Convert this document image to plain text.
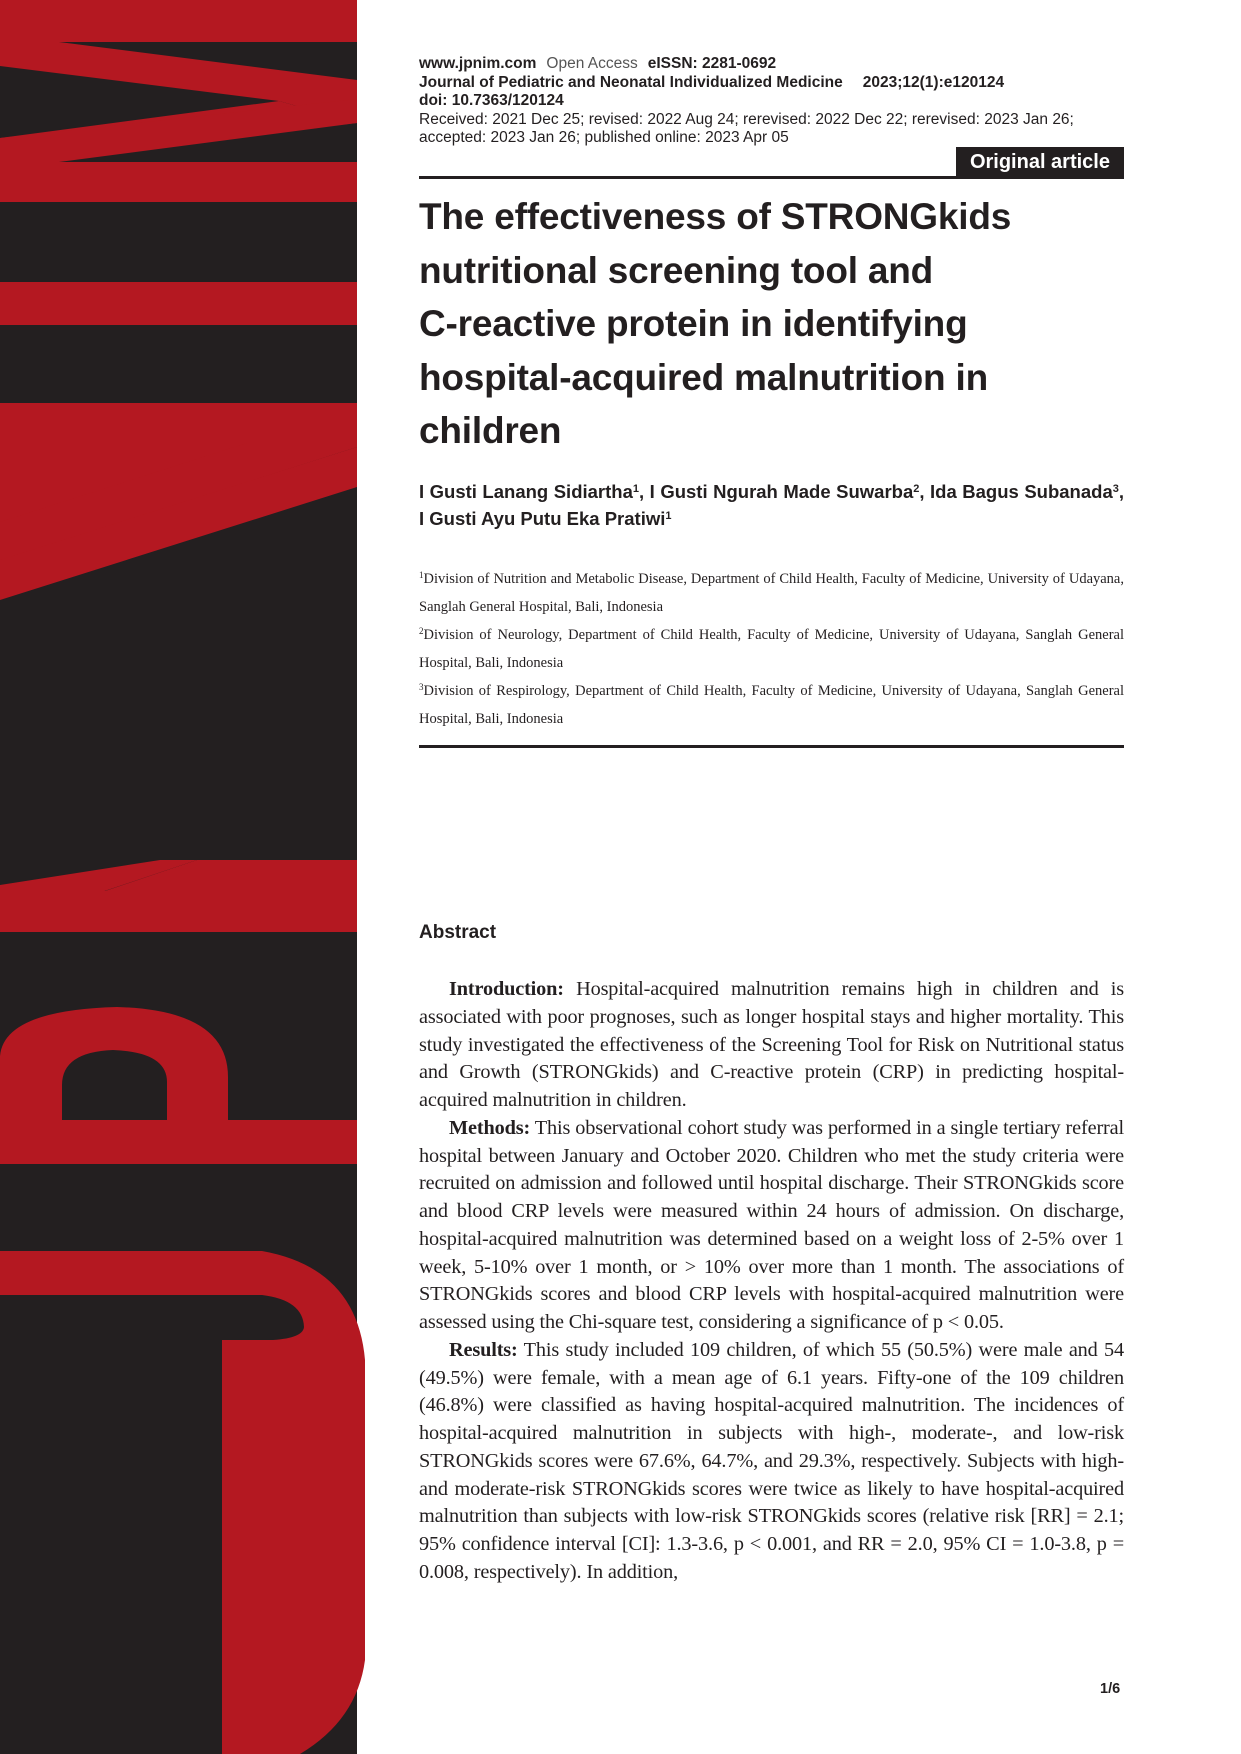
www.jpnim.com Open Access eISSN: 2281-0692
Journal of Pediatric and Neonatal Individualized Medicine 2023;12(1):e120124
doi: 10.7363/120124
Received: 2021 Dec 25; revised: 2022 Aug 24; rerevised: 2022 Dec 22; rerevised: 2023 Jan 26;
accepted: 2023 Jan 26; published online: 2023 Apr 05
Original article
The effectiveness of STRONGkids
nutritional screening tool and
C-reactive protein in identifying
hospital-acquired malnutrition in
children

I Gusti Lanang Sidiartha$^1$, I Gusti Ngurah Made Suwarba$^2$, Ida Bagus Subanada$^3$, I Gusti Ayu Putu Eka Pratiwi$^1$

$^1$Division of Nutrition and Metabolic Disease, Department of Child Health, Faculty of Medicine, University of Udayana, Sanglah General Hospital, Bali, Indonesia

$^2$Division of Neurology, Department of Child Health, Faculty of Medicine, University of Udayana, Sanglah General Hospital, Bali, Indonesia

$^3$Division of Respirology, Department of Child Health, Faculty of Medicine, University of Udayana, Sanglah General Hospital, Bali, Indonesia

Abstract

Introduction: Hospital-acquired malnutrition remains high in children and is associated with poor prognoses, such as longer hospital stays and higher mortality. This study investigated the effectiveness of the Screening Tool for Risk on Nutritional status and Growth (STRONGkids) and C-reactive protein (CRP) in predicting hospital-acquired malnutrition in children.

Methods: This observational cohort study was performed in a single tertiary referral hospital between January and October 2020. Children who met the study criteria were recruited on admission and followed until hospital discharge. Their STRONGkids score and blood CRP levels were measured within 24 hours of admission. On discharge, hospital-acquired malnutrition was determined based on a weight loss of 2-5% over 1 week, 5-10% over 1 month, or > 10% over more than 1 month. The associations of STRONGkids scores and blood CRP levels with hospital-acquired malnutrition were assessed using the Chi-square test, considering a significance of p < 0.05.

Results: This study included 109 children, of which 55 (50.5%) were male and 54 (49.5%) were female, with a mean age of 6.1 years. Fifty-one of the 109 children (46.8%) were classified as having hospital-acquired malnutrition. The incidences of hospital-acquired malnutrition in subjects with high-, moderate-, and low-risk STRONGkids scores were 67.6%, 64.7%, and 29.3%, respectively. Subjects with high- and moderate-risk STRONGkids scores were twice as likely to have hospital-acquired malnutrition than subjects with low-risk STRONGkids scores (relative risk [RR] = 2.1; 95% confidence interval [CI]: 1.3-3.6, p < 0.001, and RR = 2.0, 95% CI = 1.0-3.8, p = 0.008, respectively). In addition,

1/6
